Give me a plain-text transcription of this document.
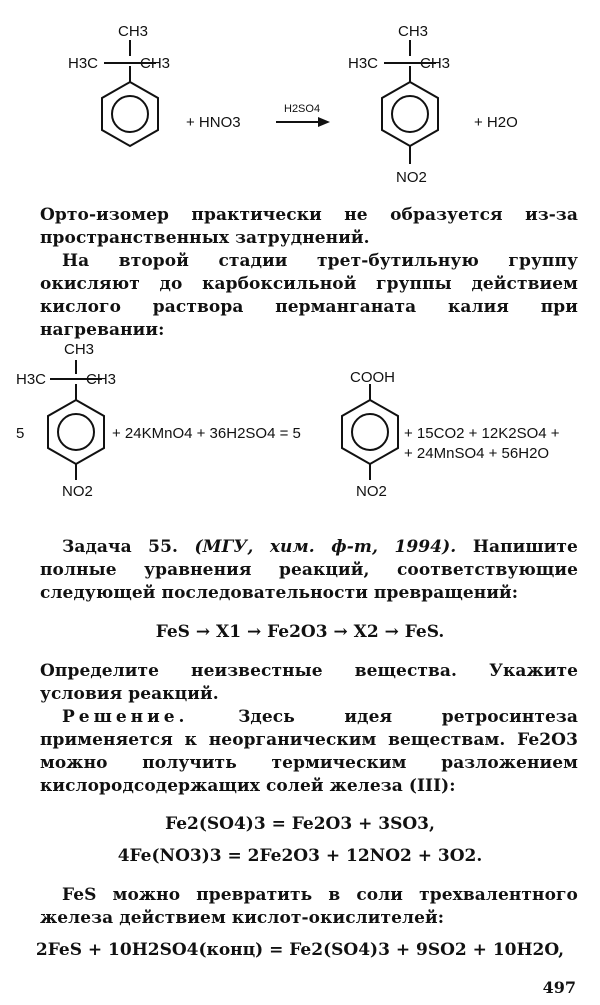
CH3
H3C	CH3
+ HNO3
H2SO4
CH3
H3C	CH3
+ H2O
NO2
Орто-изомер практически не образуется из-за пространственных затруднений.
На второй стадии трет-бутильную группу окисляют до карбоксильной группы действием кислого раствора перманганата калия при нагревании:
5
CH3
H3C	CH3
NO2
+ 24KMnO4 + 36H2SO4 = 5
COOH
NO2
+ 15CO2 + 12K2SO4 +
+ 24MnSO4 + 56H2O
Задача 55. (МГУ, хим. ф-т, 1994). Напишите полные уравнения реакций, соответствующие следующей последовательности превращений:
FeS → X1 → Fe2O3 → X2 → FeS.
Определите неизвестные вещества. Укажите условия реакций.
Решение.	Здесь идея ретросинтеза применяется к неорганическим веществам. Fe2O3 можно получить термическим разложением кислородсодержащих солей железа (III):
Fe2(SO4)3 = Fe2O3 + 3SO3,
4Fe(NO3)3 = 2Fe2O3 + 12NO2 + 3O2.
FeS можно превратить в соли трехвалентного железа действием кислот-окислителей:
2FeS + 10H2SO4(конц) = Fe2(SO4)3 + 9SO2 + 10H2O,
497
